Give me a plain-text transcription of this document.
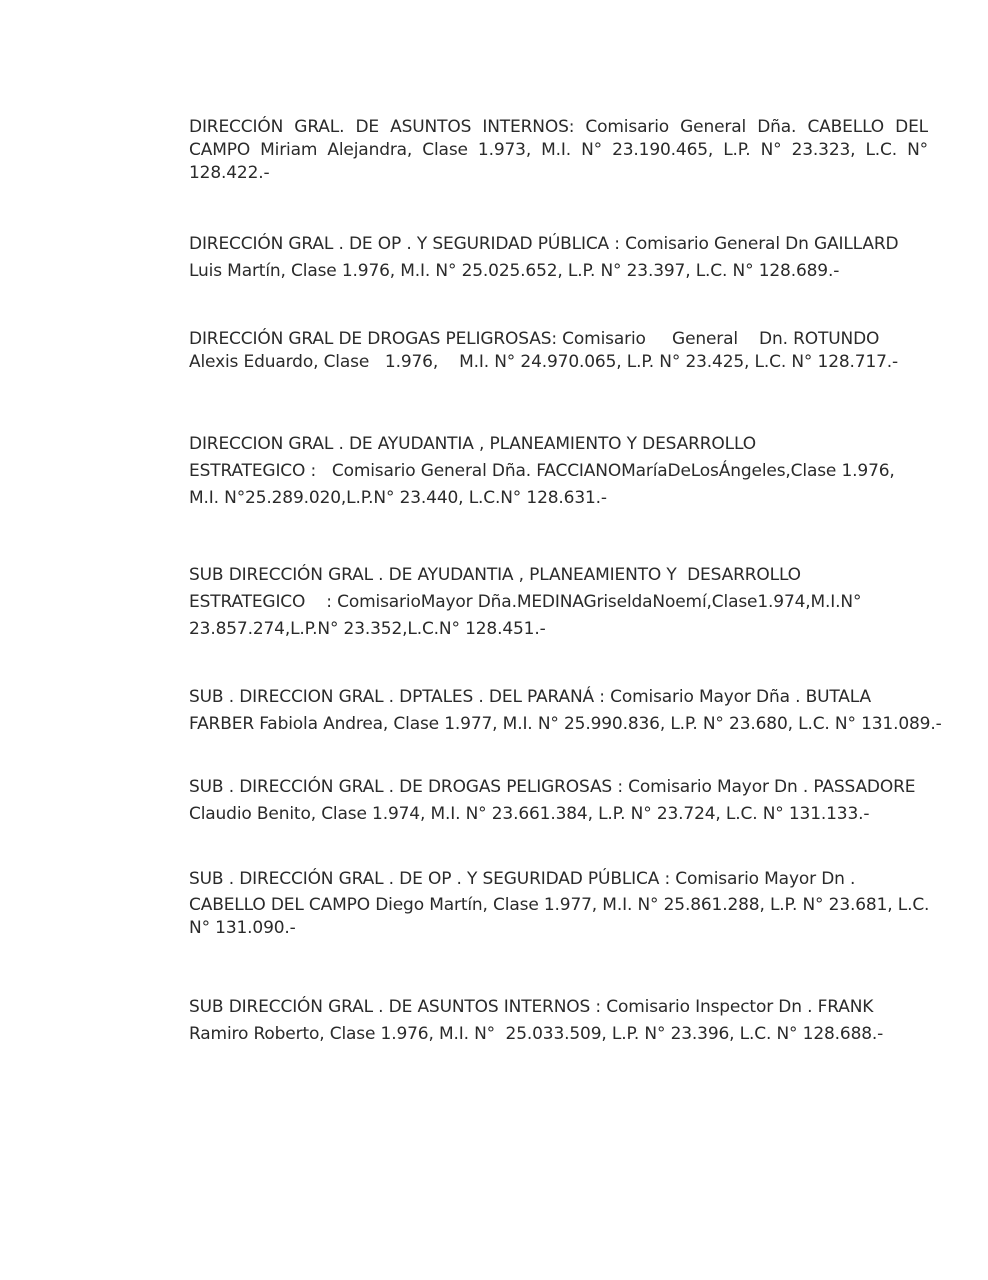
DIRECCIÓN GRAL. DE ASUNTOS INTERNOS: Comisario General Dña. CABELLO DEL CAMPO Miriam Alejandra, Clase 1.973, M.I. N° 23.190.465, L.P. N° 23.323, L.C. N° 128.422.-
DIRECCIÓN GRAL . DE OP . Y SEGURIDAD PÚBLICA : Comisario General Dn GAILLARD
Luis Martín, Clase 1.976, M.I. N° 25.025.652, L.P. N° 23.397, L.C. N° 128.689.-
DIRECCIÓN GRAL DE DROGAS PELIGROSAS: Comisario     General    Dn. ROTUNDO
Alexis Eduardo, Clase   1.976,    M.I. N° 24.970.065, L.P. N° 23.425, L.C. N° 128.717.-
DIRECCION GRAL . DE AYUDANTIA , PLANEAMIENTO Y DESARROLLO
ESTRATEGICO :   Comisario General Dña. FACCIANOMaríaDeLosÁngeles,Clase 1.976,
M.I. N°25.289.020,L.P.N° 23.440, L.C.N° 128.631.-
SUB DIRECCIÓN GRAL . DE AYUDANTIA , PLANEAMIENTO Y  DESARROLLO
ESTRATEGICO    : ComisarioMayor Dña.MEDINAGriseldaNoemí,Clase1.974,M.I.N°
23.857.274,L.P.N° 23.352,L.C.N° 128.451.-
SUB . DIRECCION GRAL . DPTALES . DEL PARANÁ : Comisario Mayor Dña . BUTALA
FARBER Fabiola Andrea, Clase 1.977, M.I. N° 25.990.836, L.P. N° 23.680, L.C. N° 131.089.-
SUB . DIRECCIÓN GRAL . DE DROGAS PELIGROSAS : Comisario Mayor Dn . PASSADORE
Claudio Benito, Clase 1.974, M.I. N° 23.661.384, L.P. N° 23.724, L.C. N° 131.133.-
SUB . DIRECCIÓN GRAL . DE OP . Y SEGURIDAD PÚBLICA : Comisario Mayor Dn .
CABELLO DEL CAMPO Diego Martín, Clase 1.977, M.I. N° 25.861.288, L.P. N° 23.681, L.C.
N° 131.090.-
SUB DIRECCIÓN GRAL . DE ASUNTOS INTERNOS : Comisario Inspector Dn . FRANK
Ramiro Roberto, Clase 1.976, M.I. N°  25.033.509, L.P. N° 23.396, L.C. N° 128.688.-
